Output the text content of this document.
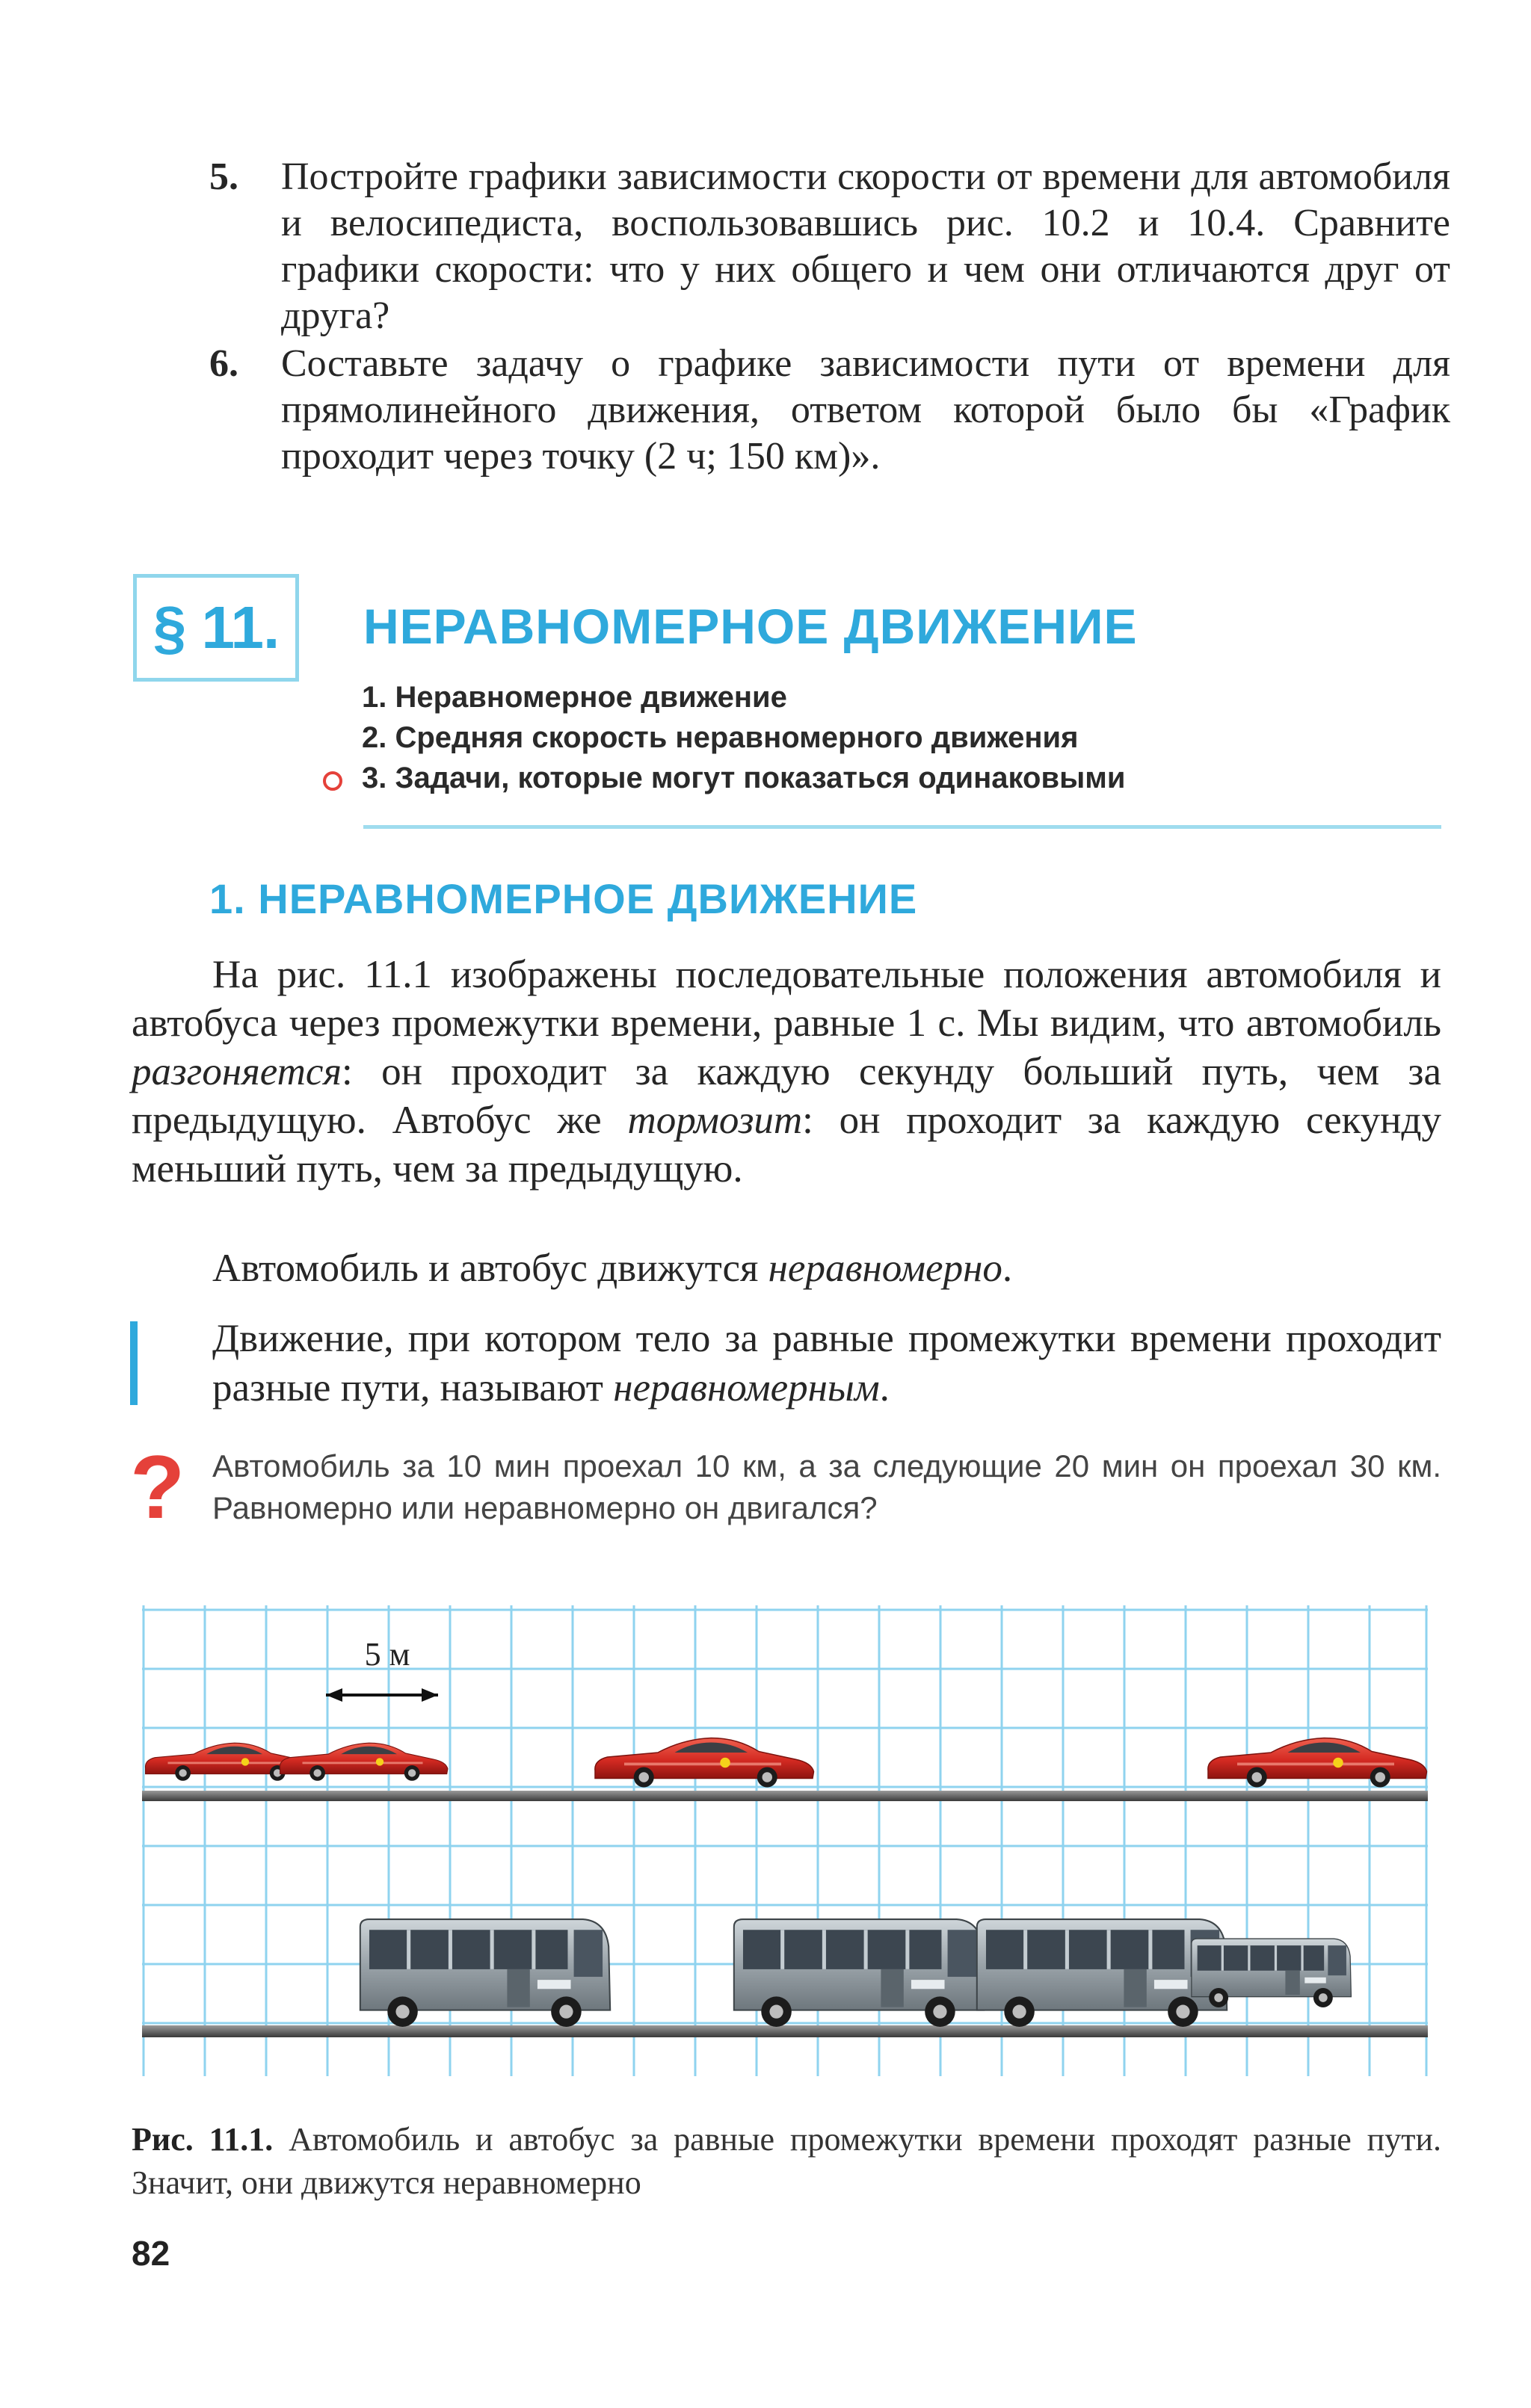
5. Постройте графики зависимости скорости от времени для автомобиля и велосипедиста, воспользовавшись рис. 10.2 и 10.4. Сравните графики скорости: что у них общего и чем они отличаются друг от друга?
6. Составьте задачу о графике зависимости пути от времени для прямолинейного движения, ответом которой было бы «График проходит через точку (2 ч; 150 км)».
§ 11. НЕРАВНОМЕРНОЕ ДВИЖЕНИЕ
1. Неравномерное движение
2. Средняя скорость неравномерного движения
3. Задачи, которые могут показаться одинаковыми
1. НЕРАВНОМЕРНОЕ ДВИЖЕНИЕ
На рис. 11.1 изображены последовательные положения автомобиля и автобуса через промежутки времени, равные 1 с. Мы видим, что автомобиль разгоняется: он проходит за каждую секунду больший путь, чем за предыдущую. Автобус же тормозит: он проходит за каждую секунду меньший путь, чем за предыдущую.
Автомобиль и автобус движутся неравномерно.
Движение, при котором тело за равные промежутки времени проходит разные пути, называют неравномерным.
? Автомобиль за 10 мин проехал 10 км, а за следующие 20 мин он проехал 30 км. Равномерно или неравномерно он двигался?
5 м
Рис. 11.1. Автомобиль и автобус за равные промежутки времени проходят разные пути. Значит, они движутся неравномерно
82
